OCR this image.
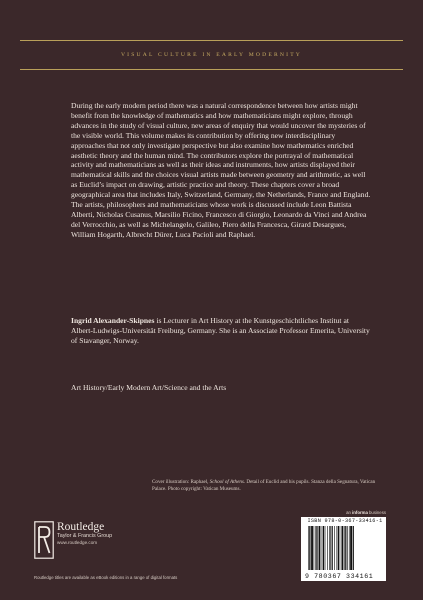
VISUAL CULTURE IN EARLY MODERNITY

During the early modern period there was a natural correspondence between how artists might benefit from the knowledge of mathematics and how mathematicians might explore, through advances in the study of visual culture, new areas of enquiry that would uncover the mysteries of the visible world. This volume makes its contribution by offering new interdisciplinary approaches that not only investigate perspective but also examine how mathematics enriched aesthetic theory and the human mind. The contributors explore the portrayal of mathematical activity and mathematicians as well as their ideas and instruments, how artists displayed their mathematical skills and the choices visual artists made between geometry and arithmetic, as well as Euclid’s impact on drawing, artistic practice and theory. These chapters cover a broad geographical area that includes Italy, Switzerland, Germany, the Netherlands, France and England. The artists, philosophers and mathematicians whose work is discussed include Leon Battista Alberti, Nicholas Cusanus, Marsilio Ficino, Francesco di Giorgio, Leonardo da Vinci and Andrea del Verrocchio, as well as Michelangelo, Galileo, Piero della Francesca, Girard Desargues, William Hogarth, Albrecht Dürer, Luca Pacioli and Raphael.

Ingrid Alexander-Skipnes is Lecturer in Art History at the Kunstgeschichtliches Institut at Albert-Ludwigs-Universität Freiburg, Germany. She is an Associate Professor Emerita, University of Stavanger, Norway.

Art History/Early Modern Art/Science and the Arts
Cover illustration: Raphael, School of Athens. Detail of Euclid and his pupils. Stanza della Segnatura, Vatican Palace. Photo copyright: Vatican Museums.
an informa business
ISBN 978-0-367-33416-1
9 780367 334161
Routledge
Taylor & Francis Group
www.routledge.com
Routledge titles are available as eBook editions in a range of digital formats
